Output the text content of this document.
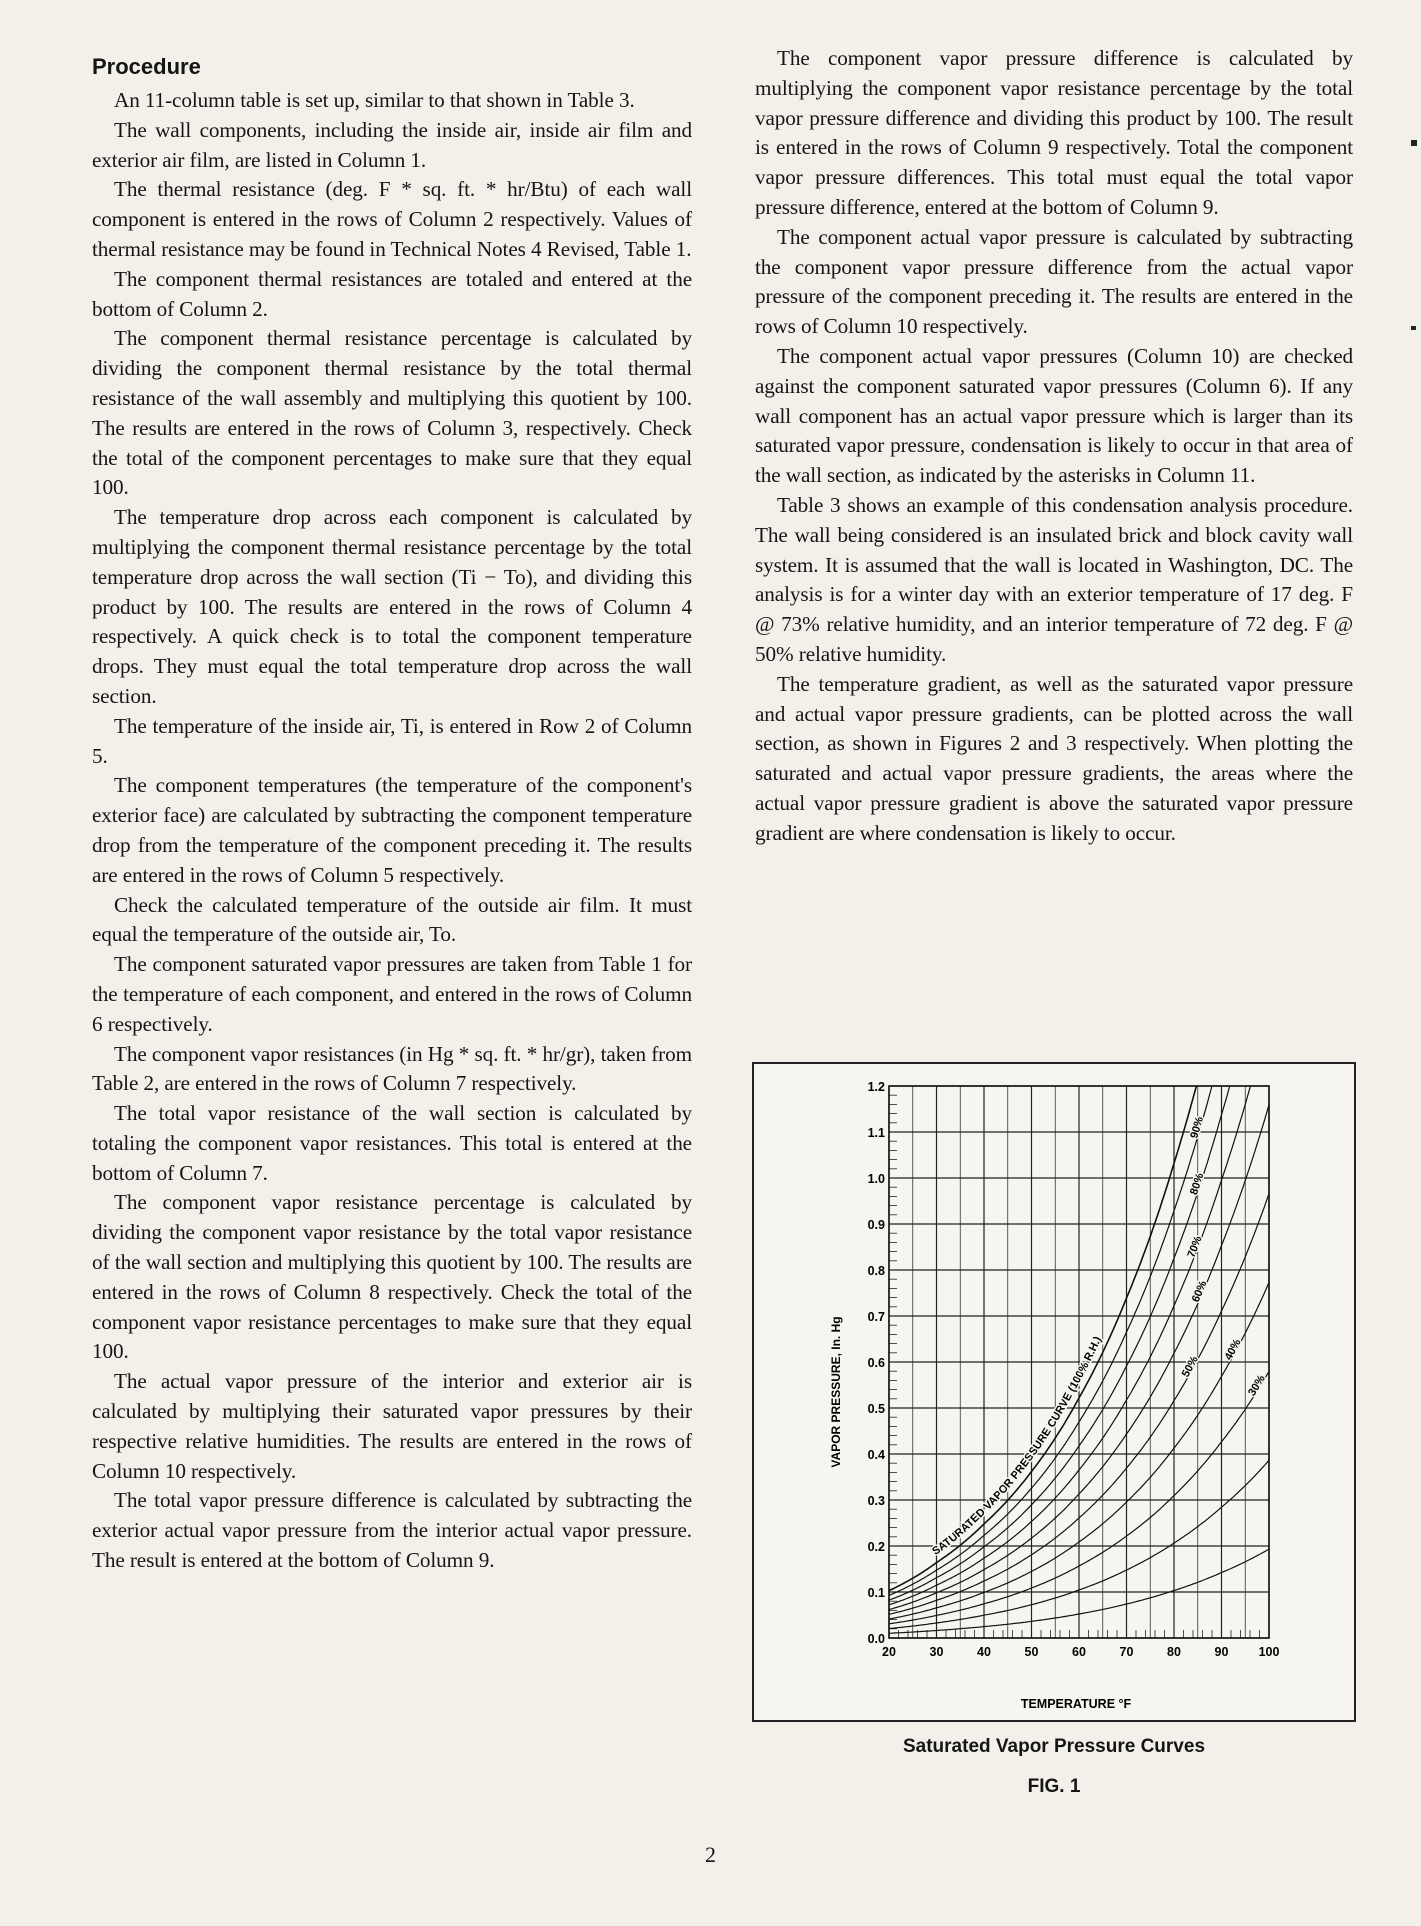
Procedure

An 11-column table is set up, similar to that shown in Table 3.

The wall components, including the inside air, inside air film and exterior air film, are listed in Column 1.

The thermal resistance (deg. F * sq. ft. * hr/Btu) of each wall component is entered in the rows of Column 2 respectively. Values of thermal resistance may be found in Technical Notes 4 Revised, Table 1.

The component thermal resistances are totaled and entered at the bottom of Column 2.

The component thermal resistance percentage is calculated by dividing the component thermal resistance by the total thermal resistance of the wall assembly and multiplying this quotient by 100. The results are entered in the rows of Column 3, respectively. Check the total of the component percentages to make sure that they equal 100.

The temperature drop across each component is calculated by multiplying the component thermal resistance percentage by the total temperature drop across the wall section (Ti − To), and dividing this product by 100. The results are entered in the rows of Column 4 respectively. A quick check is to total the component temperature drops. They must equal the total temperature drop across the wall section.

The temperature of the inside air, Ti, is entered in Row 2 of Column 5.

The component temperatures (the temperature of the component's exterior face) are calculated by subtracting the component temperature drop from the temperature of the component preceding it. The results are entered in the rows of Column 5 respectively.

Check the calculated temperature of the outside air film. It must equal the temperature of the outside air, To.

The component saturated vapor pressures are taken from Table 1 for the temperature of each component, and entered in the rows of Column 6 respectively.

The component vapor resistances (in Hg * sq. ft. * hr/gr), taken from Table 2, are entered in the rows of Column 7 respectively.

The total vapor resistance of the wall section is calculated by totaling the component vapor resistances. This total is entered at the bottom of Column 7.

The component vapor resistance percentage is calculated by dividing the component vapor resistance by the total vapor resistance of the wall section and multiplying this quotient by 100. The results are entered in the rows of Column 8 respectively. Check the total of the component vapor resistance percentages to make sure that they equal 100.

The actual vapor pressure of the interior and exterior air is calculated by multiplying their saturated vapor pressures by their respective relative humidities. The results are entered in the rows of Column 10 respectively.

The total vapor pressure difference is calculated by subtracting the exterior actual vapor pressure from the interior actual vapor pressure. The result is entered at the bottom of Column 9.

The component vapor pressure difference is calculated by multiplying the component vapor resistance percentage by the total vapor pressure difference and dividing this product by 100. The result is entered in the rows of Column 9 respectively. Total the component vapor pressure differences. This total must equal the total vapor pressure difference, entered at the bottom of Column 9.

The component actual vapor pressure is calculated by subtracting the component vapor pressure difference from the actual vapor pressure of the component preceding it. The results are entered in the rows of Column 10 respectively.

The component actual vapor pressures (Column 10) are checked against the component saturated vapor pressures (Column 6). If any wall component has an actual vapor pressure which is larger than its saturated vapor pressure, condensation is likely to occur in that area of the wall section, as indicated by the asterisks in Column 11.

Table 3 shows an example of this condensation analysis procedure. The wall being considered is an insulated brick and block cavity wall system. It is assumed that the wall is located in Washington, DC. The analysis is for a winter day with an exterior temperature of 17 deg. F @ 73% relative humidity, and an interior temperature of 72 deg. F @ 50% relative humidity.

The temperature gradient, as well as the saturated vapor pressure and actual vapor pressure gradients, can be plotted across the wall section, as shown in Figures 2 and 3 respectively. When plotting the saturated and actual vapor pressure gradients, the areas where the actual vapor pressure gradient is above the saturated vapor pressure gradient are where condensation is likely to occur.

20	30	40	50	60	70	80	90 100
0.0
0.1
0.2
0.3
0.4
0.5
0.6
0.7
0.8
0.9
1.0
1.1
1.2
90%
80%
70%
60%
50%
40%
30%
SATURATED VAPOR PRESSURE CURVE (100% R.H.)
VAPOR PRESSURE, In. Hg
TEMPERATURE °F
Saturated Vapor Pressure Curves
FIG. 1
2
